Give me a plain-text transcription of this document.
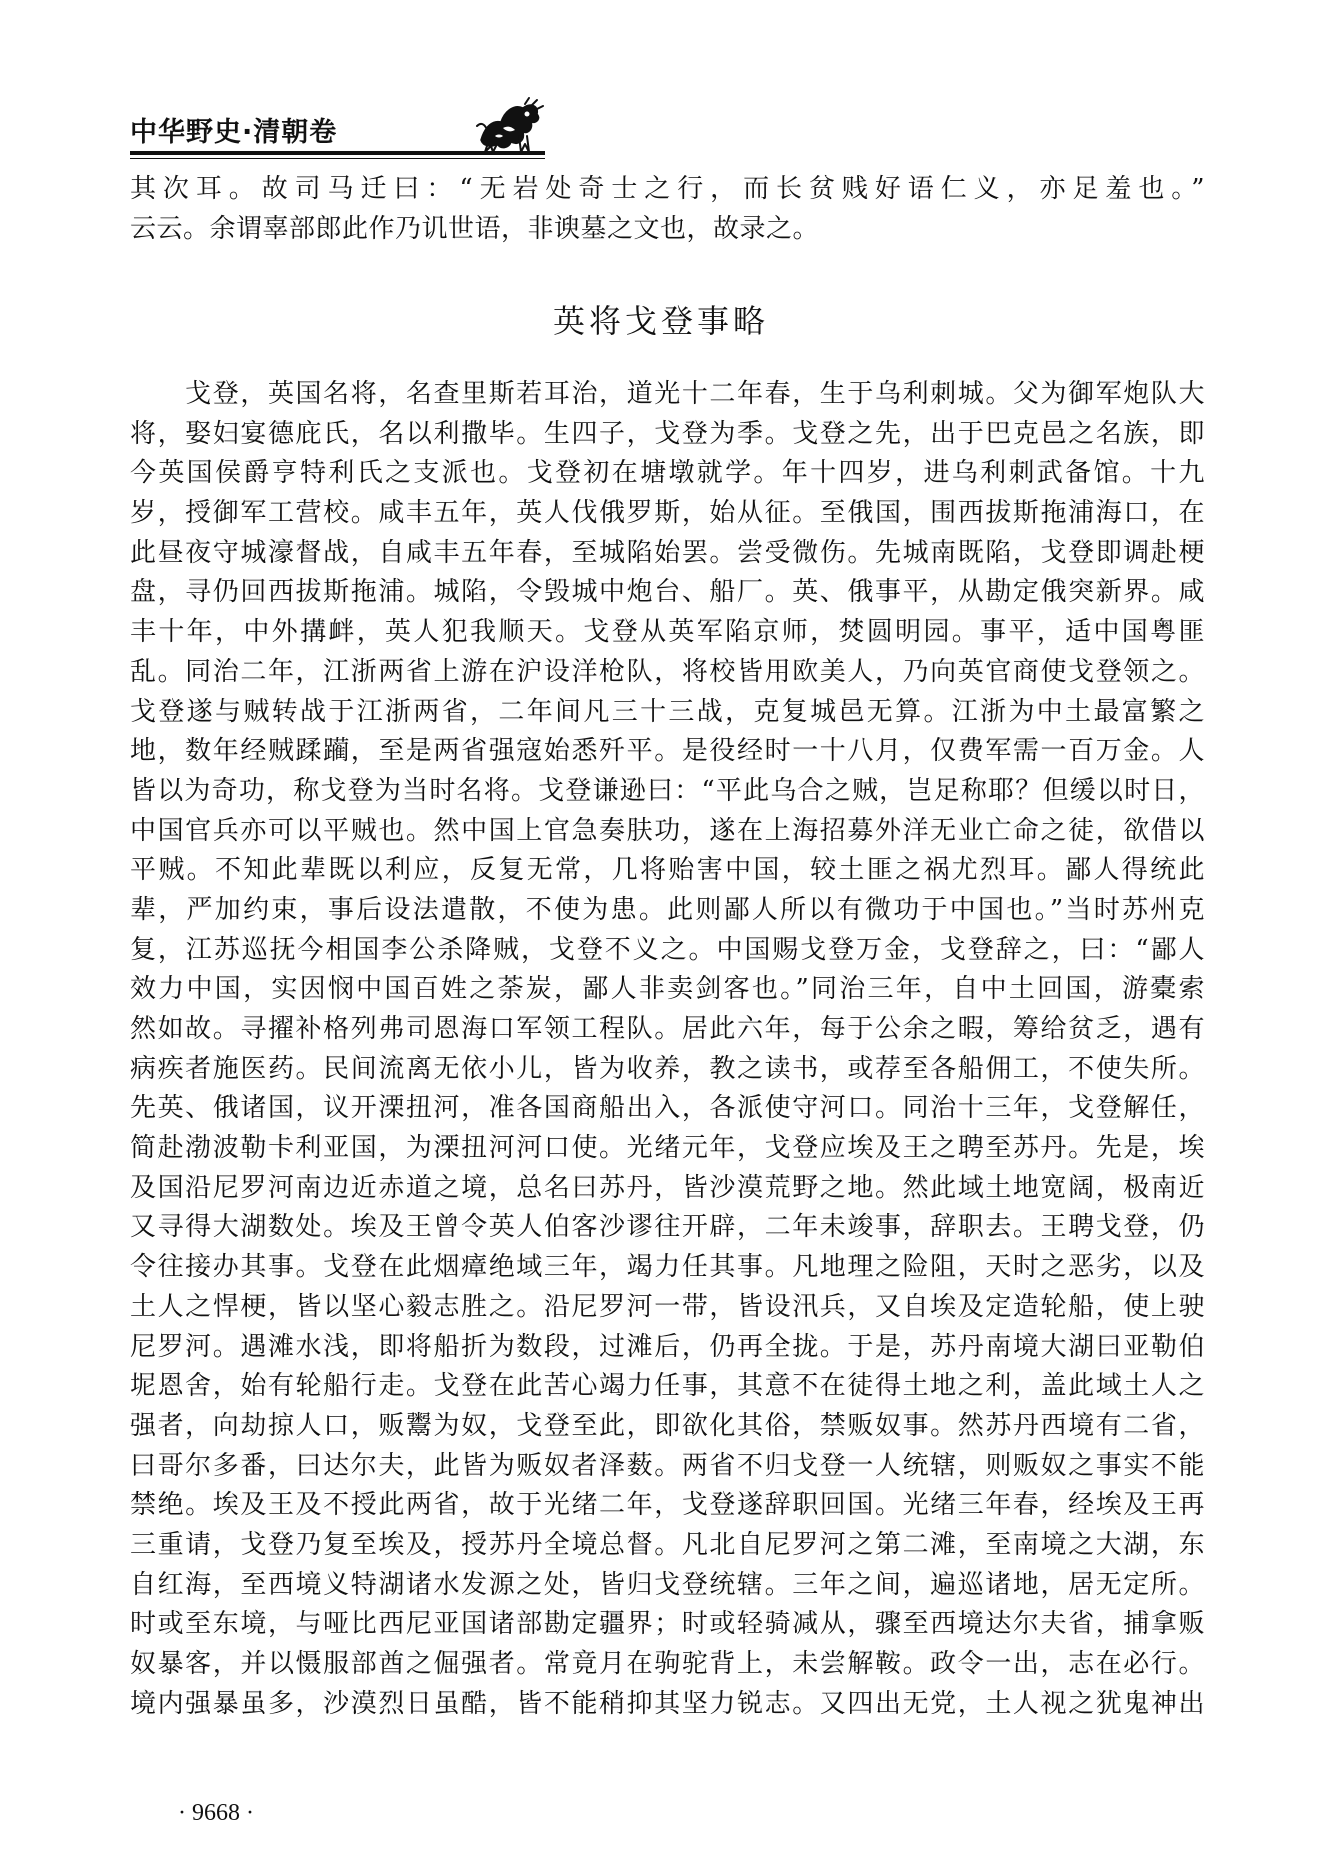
中华野史·清朝卷
其次耳。故司马迁曰：“无岩处奇士之行，而长贫贱好语仁义，亦足羞也。”
云云。余谓辜部郎此作乃讥世语，非谀墓之文也，故录之。
英将戈登事略
　　戈登，英国名将，名查里斯若耳治，道光十二年春，生于乌利刺城。父为御军炮队大
将，娶妇宴德庇氏，名以利撒毕。生四子，戈登为季。戈登之先，出于巴克邑之名族，即
今英国侯爵亨特利氏之支派也。戈登初在塘墩就学。年十四岁，进乌利刺武备馆。十九
岁，授御军工营校。咸丰五年，英人伐俄罗斯，始从征。至俄国，围西拔斯拖浦海口，在
此昼夜守城濠督战，自咸丰五年春，至城陷始罢。尝受微伤。先城南既陷，戈登即调赴梗
盘，寻仍回西拔斯拖浦。城陷，令毁城中炮台、船厂。英、俄事平，从勘定俄突新界。咸
丰十年，中外搆衅，英人犯我顺天。戈登从英军陷京师，焚圆明园。事平，适中国粤匪
乱。同治二年，江浙两省上游在沪设洋枪队，将校皆用欧美人，乃向英官商使戈登领之。
戈登遂与贼转战于江浙两省，二年间凡三十三战，克复城邑无算。江浙为中土最富繁之
地，数年经贼蹂躏，至是两省强寇始悉歼平。是役经时一十八月，仅费军需一百万金。人
皆以为奇功，称戈登为当时名将。戈登谦逊曰：“平此乌合之贼，岂足称耶？但缓以时日，
中国官兵亦可以平贼也。然中国上官急奏肤功，遂在上海招募外洋无业亡命之徒，欲借以
平贼。不知此辈既以利应，反复无常，几将贻害中国，较土匪之祸尤烈耳。鄙人得统此
辈，严加约束，事后设法遣散，不使为患。此则鄙人所以有微功于中国也。”当时苏州克
复，江苏巡抚今相国李公杀降贼，戈登不义之。中国赐戈登万金，戈登辞之，曰：“鄙人
效力中国，实因悯中国百姓之荼炭，鄙人非卖剑客也。”同治三年，自中土回国，游橐索
然如故。寻擢补格列弗司恩海口军领工程队。居此六年，每于公余之暇，筹给贫乏，遇有
病疾者施医药。民间流离无依小儿，皆为收养，教之读书，或荐至各船佣工，不使失所。
先英、俄诸国，议开溧扭河，准各国商船出入，各派使守河口。同治十三年，戈登解任，
简赴渤波勒卡利亚国，为溧扭河河口使。光绪元年，戈登应埃及王之聘至苏丹。先是，埃
及国沿尼罗河南边近赤道之境，总名曰苏丹，皆沙漠荒野之地。然此域土地宽阔，极南近
又寻得大湖数处。埃及王曾令英人伯客沙谬往开辟，二年未竣事，辞职去。王聘戈登，仍
令往接办其事。戈登在此烟瘴绝域三年，竭力任其事。凡地理之险阻，天时之恶劣，以及
土人之悍梗，皆以坚心毅志胜之。沿尼罗河一带，皆设汛兵，又自埃及定造轮船，使上驶
尼罗河。遇滩水浅，即将船折为数段，过滩后，仍再全拢。于是，苏丹南境大湖曰亚勒伯
坭恩舍，始有轮船行走。戈登在此苦心竭力任事，其意不在徒得土地之利，盖此域土人之
强者，向劫掠人口，贩鬻为奴，戈登至此，即欲化其俗，禁贩奴事。然苏丹西境有二省，
曰哥尔多番，曰达尔夫，此皆为贩奴者泽薮。两省不归戈登一人统辖，则贩奴之事实不能
禁绝。埃及王及不授此两省，故于光绪二年，戈登遂辞职回国。光绪三年春，经埃及王再
三重请，戈登乃复至埃及，授苏丹全境总督。凡北自尼罗河之第二滩，至南境之大湖，东
自红海，至西境义特湖诸水发源之处，皆归戈登统辖。三年之间，遍巡诸地，居无定所。
时或至东境，与哑比西尼亚国诸部勘定疆界；时或轻骑减从，骤至西境达尔夫省，捕拿贩
奴暴客，并以慑服部酋之倔强者。常竟月在驹驼背上，未尝解鞍。政令一出，志在必行。
境内强暴虽多，沙漠烈日虽酷，皆不能稍抑其坚力锐志。又四出无党，土人视之犹鬼神出
· 9668 ·
